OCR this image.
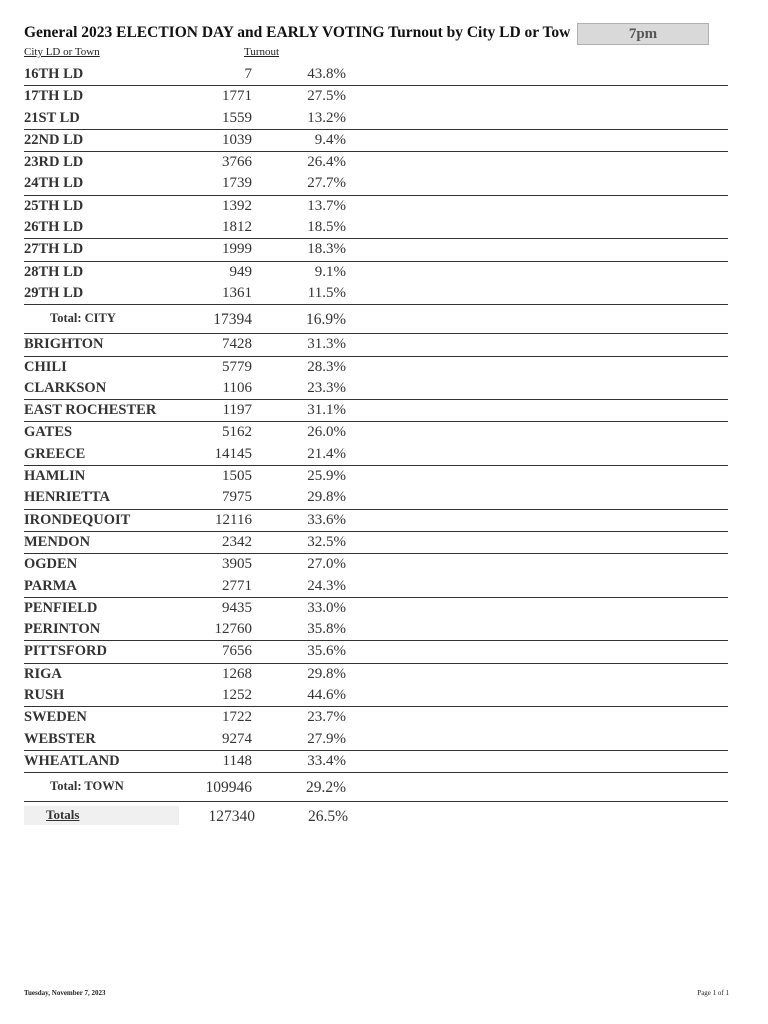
General 2023 ELECTION DAY and EARLY VOTING Turnout by City LD or Tow	7pm
City LD or Town	Turnout
16TH LD	7	43.8%
17TH LD	1771	27.5%
21ST LD	1559	13.2%
22ND LD	1039	9.4%
23RD LD	3766	26.4%
24TH LD	1739	27.7%
25TH LD	1392	13.7%
26TH LD	1812	18.5%
27TH LD	1999	18.3%
28TH LD	949	9.1%
29TH LD	1361	11.5%
Total: CITY	17394	16.9%
BRIGHTON	7428	31.3%
CHILI	5779	28.3%
CLARKSON	1106	23.3%
EAST ROCHESTER	1197	31.1%
GATES	5162	26.0%
GREECE	14145	21.4%
HAMLIN	1505	25.9%
HENRIETTA	7975	29.8%
IRONDEQUOIT	12116	33.6%
MENDON	2342	32.5%
OGDEN	3905	27.0%
PARMA	2771	24.3%
PENFIELD	9435	33.0%
PERINTON	12760	35.8%
PITTSFORD	7656	35.6%
RIGA	1268	29.8%
RUSH	1252	44.6%
SWEDEN	1722	23.7%
WEBSTER	9274	27.9%
WHEATLAND	1148	33.4%
Total: TOWN	109946	29.2%
Totals	127340	26.5%
Tuesday, November 7, 2023	Page 1 of 1
